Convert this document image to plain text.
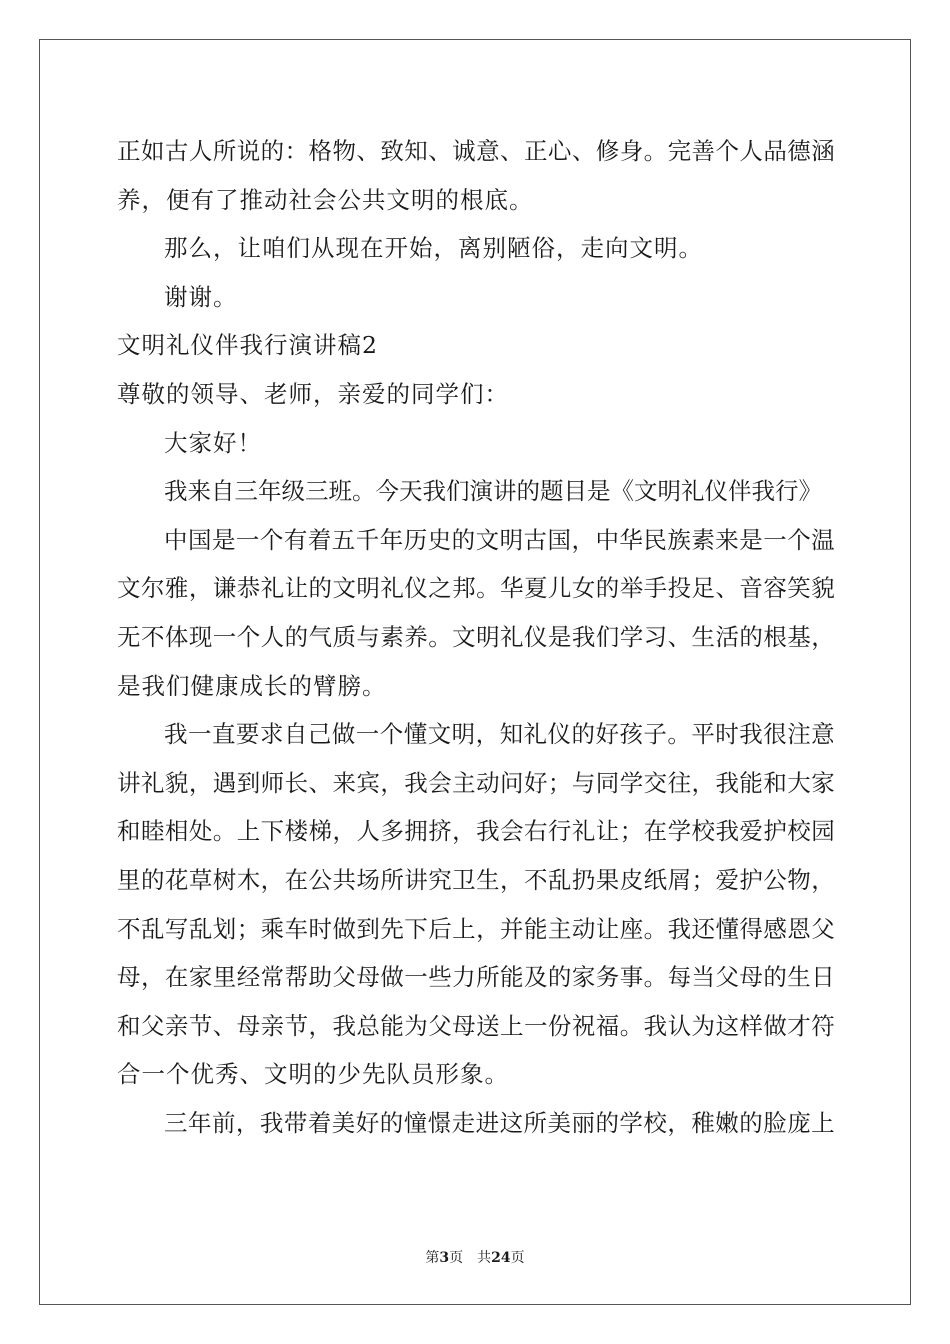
正 如 古 人 所 说 的 ： 格 物 、 致 知 、 诚 意 、 正 心 、 修 身 。 完 善 个 人 品 德 涵
养，便有了推动社会公共文明的根底。
那么，让咱们从现在开始，离别陋俗，走向文明。
谢谢。
文明礼仪伴我行演讲稿2
尊敬的领导、老师，亲爱的同学们：
大家好！
我来自三年级三班。今天我们演讲的题目是《文明礼仪伴我行》
中 国 是 一 个 有 着 五 千 年 历 史 的 文 明 古 国 ， 中 华 民 族 素 来 是 一 个 温
文 尔 雅 ， 谦 恭 礼 让 的 文 明 礼 仪 之 邦 。 华 夏 儿 女 的 举 手 投 足 、 音 容 笑 貌
无 不 体 现 一 个 人 的 气 质 与 素 养 。 文 明 礼 仪 是 我 们 学 习 、 生 活 的 根 基 ，
是我们健康成长的臂膀。
我 一 直 要 求 自 己 做 一 个 懂 文 明 ， 知 礼 仪 的 好 孩 子 。 平 时 我 很 注 意
讲 礼 貌 ， 遇 到 师 长 、 来 宾 ， 我 会 主 动 问 好 ； 与 同 学 交 往 ， 我 能 和 大 家
和 睦 相 处 。 上 下 楼 梯 ， 人 多 拥 挤 ， 我 会 右 行 礼 让 ； 在 学 校 我 爱 护 校 园
里 的 花 草 树 木 ， 在 公 共 场 所 讲 究 卫 生 ， 不 乱 扔 果 皮 纸 屑 ； 爱 护 公 物 ，
不 乱 写 乱 划 ； 乘 车 时 做 到 先 下 后 上 ， 并 能 主 动 让 座 。 我 还 懂 得 感 恩 父
母 ， 在 家 里 经 常 帮 助 父 母 做 一 些 力 所 能 及 的 家 务 事 。 每 当 父 母 的 生 日
和 父 亲 节 、 母 亲 节 ， 我 总 能 为 父 母 送 上 一 份 祝 福 。 我 认 为 这 样 做 才 符
合一个优秀、文明的少先队员形象。
三 年 前 ， 我 带 着 美 好 的 憧 憬 走 进 这 所 美 丽 的 学 校 ， 稚 嫩 的 脸 庞 上
第3页 共24页
